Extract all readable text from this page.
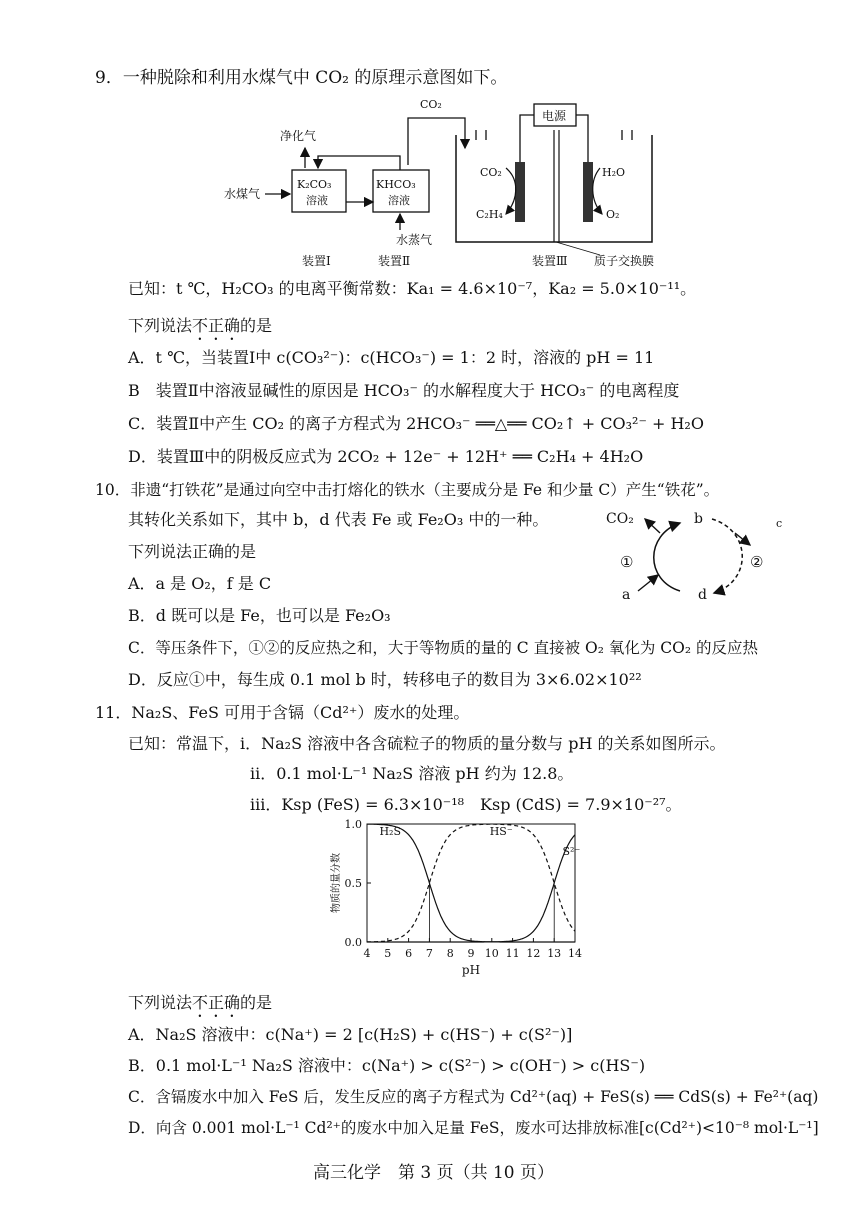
9．一种脱除和利用水煤气中 CO₂ 的原理示意图如下。
CO₂
净化气
水煤气
K₂CO₃
溶液
KHCO₃
溶液
水蒸气
装置Ⅰ	装置Ⅱ
电源
CO₂
C₂H₄
H₂O
O₂
装置Ⅲ 质子交换膜
已知：t ℃，H₂CO₃ 的电离平衡常数：Ka₁ = 4.6×10⁻⁷，Ka₂ = 5.0×10⁻¹¹。
下列说法不正确的是
A．t ℃，当装置Ⅰ中 c(CO₃²⁻)：c(HCO₃⁻) = 1：2 时，溶液的 pH = 11
B　装置Ⅱ中溶液显碱性的原因是 HCO₃⁻ 的水解程度大于 HCO₃⁻ 的电离程度
C．装置Ⅱ中产生 CO₂ 的离子方程式为 2HCO₃⁻ ══△══ CO₂↑ + CO₃²⁻ + H₂O
D．装置Ⅲ中的阴极反应式为 2CO₂ + 12e⁻ + 12H⁺ ══ C₂H₄ + 4H₂O
10．非遗“打铁花”是通过向空中击打熔化的铁水（主要成分是 Fe 和少量 C）产生“铁花”。
其转化关系如下，其中 b，d 代表 Fe 或 Fe₂O₃ 中的一种。
下列说法正确的是
CO₂	b	c
①	②
a	d
A．a 是 O₂，f 是 C
B．d 既可以是 Fe，也可以是 Fe₂O₃
C．等压条件下，①②的反应热之和，大于等物质的量的 C 直接被 O₂ 氧化为 CO₂ 的反应热
D．反应①中，每生成 0.1 mol b 时，转移电子的数目为 3×6.02×10²²
11．Na₂S、FeS 可用于含镉（Cd²⁺）废水的处理。
已知：常温下，i．Na₂S 溶液中各含硫粒子的物质的量分数与 pH 的关系如图所示。
ii．0.1 mol·L⁻¹ Na₂S 溶液 pH 约为 12.8。
iii．Ksp (FeS) = 6.3×10⁻¹⁸　Ksp (CdS) = 7.9×10⁻²⁷。
4 5 6 7 8 9 10 11 12 13 14
0.0
0.5
1.0
pH
物质的量分数
H₂S	HS⁻
S²⁻
下列说法不正确的是
A．Na₂S 溶液中：c(Na⁺) = 2 [c(H₂S) + c(HS⁻) + c(S²⁻)]
B．0.1 mol·L⁻¹ Na₂S 溶液中：c(Na⁺) > c(S²⁻) > c(OH⁻) > c(HS⁻)
C．含镉废水中加入 FeS 后，发生反应的离子方程式为 Cd²⁺(aq) + FeS(s) ══ CdS(s) + Fe²⁺(aq)
D．向含 0.001 mol·L⁻¹ Cd²⁺的废水中加入足量 FeS，废水可达排放标准[c(Cd²⁺)<10⁻⁸ mol·L⁻¹]
高三化学　第 3 页（共 10 页）
